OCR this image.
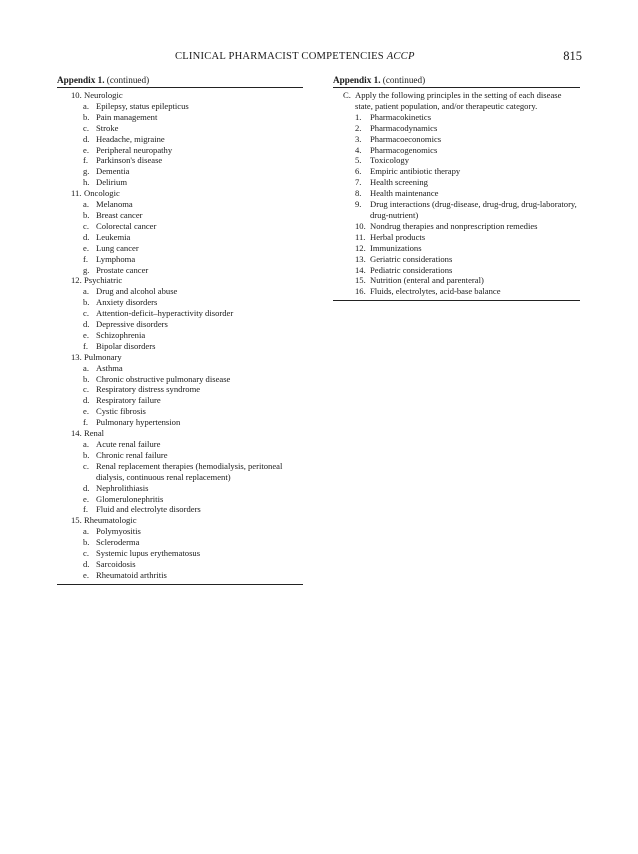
CLINICAL PHARMACIST COMPETENCIES ACCP	815
Appendix 1. (continued)
10. Neurologic
a. Epilepsy, status epilepticus
b. Pain management
c. Stroke
d. Headache, migraine
e. Peripheral neuropathy
f. Parkinson's disease
g. Dementia
h. Delirium
11. Oncologic
a. Melanoma
b. Breast cancer
c. Colorectal cancer
d. Leukemia
e. Lung cancer
f. Lymphoma
g. Prostate cancer
12. Psychiatric
a. Drug and alcohol abuse
b. Anxiety disorders
c. Attention-deficit–hyperactivity disorder
d. Depressive disorders
e. Schizophrenia
f. Bipolar disorders
13. Pulmonary
a. Asthma
b. Chronic obstructive pulmonary disease
c. Respiratory distress syndrome
d. Respiratory failure
e. Cystic fibrosis
f. Pulmonary hypertension
14. Renal
a. Acute renal failure
b. Chronic renal failure
c. Renal replacement therapies (hemodialysis, peritoneal dialysis, continuous renal replacement)
d. Nephrolithiasis
e. Glomerulonephritis
f. Fluid and electrolyte disorders
15. Rheumatologic
a. Polymyositis
b. Scleroderma
c. Systemic lupus erythematosus
d. Sarcoidosis
e. Rheumatoid arthritis
Appendix 1. (continued)
C. Apply the following principles in the setting of each disease state, patient population, and/or therapeutic category.
1. Pharmacokinetics
2. Pharmacodynamics
3. Pharmacoeconomics
4. Pharmacogenomics
5. Toxicology
6. Empiric antibiotic therapy
7. Health screening
8. Health maintenance
9. Drug interactions (drug-disease, drug-drug, drug-laboratory, drug-nutrient)
10. Nondrug therapies and nonprescription remedies
11. Herbal products
12. Immunizations
13. Geriatric considerations
14. Pediatric considerations
15. Nutrition (enteral and parenteral)
16. Fluids, electrolytes, acid-base balance
